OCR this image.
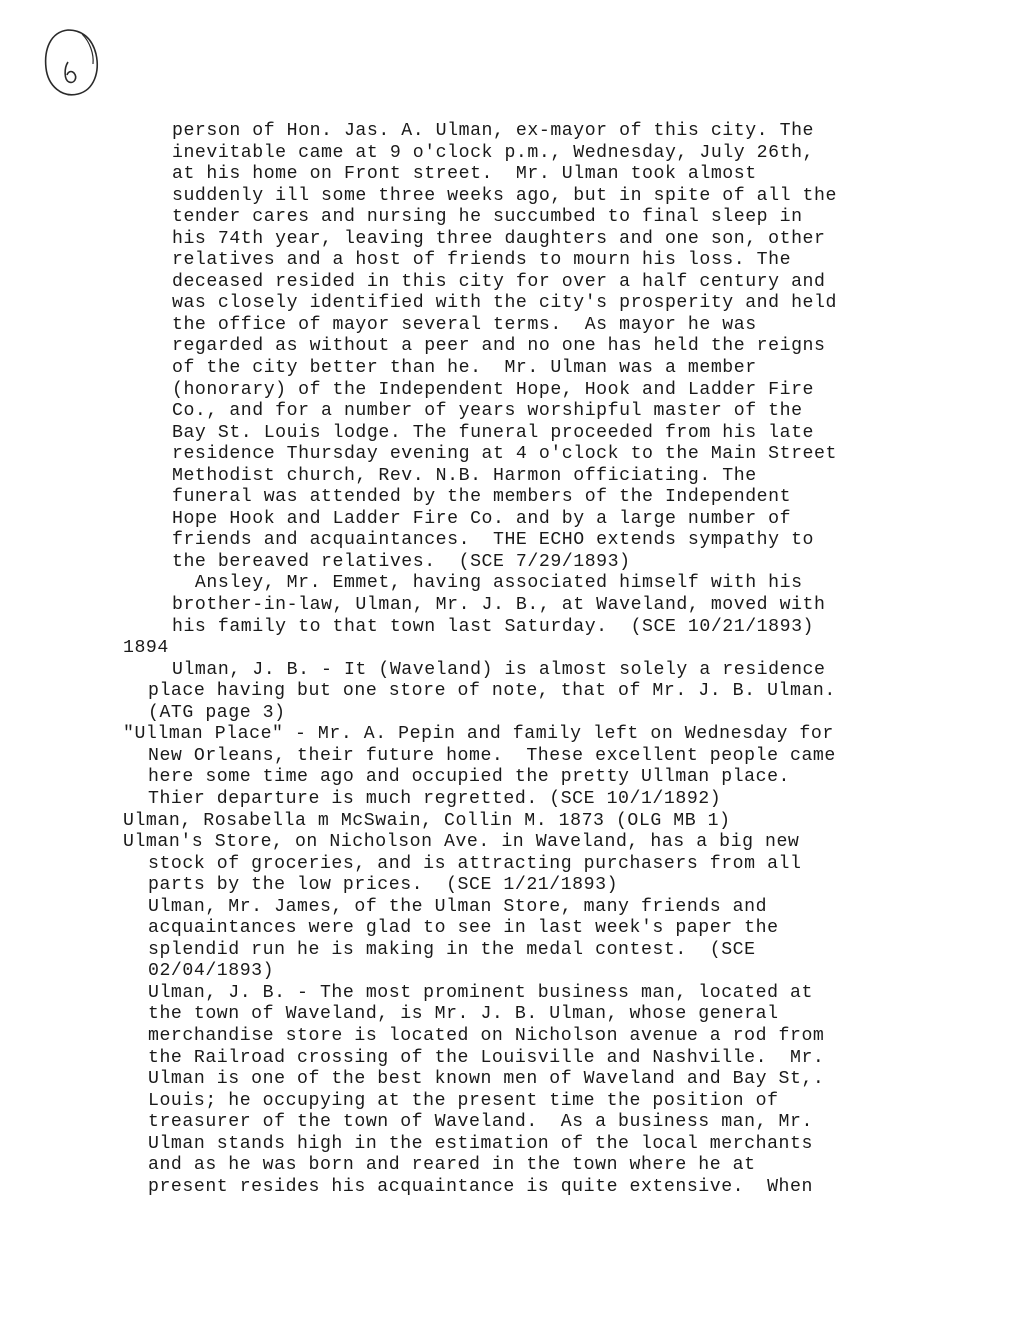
person of Hon. Jas. A. Ulman, ex-mayor of this city. The
inevitable came at 9 o'clock p.m., Wednesday, July 26th,
at his home on Front street.  Mr. Ulman took almost
suddenly ill some three weeks ago, but in spite of all the
tender cares and nursing he succumbed to final sleep in
his 74th year, leaving three daughters and one son, other
relatives and a host of friends to mourn his loss. The
deceased resided in this city for over a half century and
was closely identified with the city's prosperity and held
the office of mayor several terms.  As mayor he was
regarded as without a peer and no one has held the reigns
of the city better than he.  Mr. Ulman was a member
(honorary) of the Independent Hope, Hook and Ladder Fire
Co., and for a number of years worshipful master of the
Bay St. Louis lodge. The funeral proceeded from his late
residence Thursday evening at 4 o'clock to the Main Street
Methodist church, Rev. N.B. Harmon officiating. The
funeral was attended by the members of the Independent
Hope Hook and Ladder Fire Co. and by a large number of
friends and acquaintances.  THE ECHO extends sympathy to
the bereaved relatives.  (SCE 7/29/1893)
Ansley, Mr. Emmet, having associated himself with his
brother-in-law, Ulman, Mr. J. B., at Waveland, moved with
his family to that town last Saturday.  (SCE 10/21/1893)
1894
Ulman, J. B. - It (Waveland) is almost solely a residence
place having but one store of note, that of Mr. J. B. Ulman.
(ATG page 3)
"Ullman Place" - Mr. A. Pepin and family left on Wednesday for
New Orleans, their future home.  These excellent people came
here some time ago and occupied the pretty Ullman place.
Thier departure is much regretted. (SCE 10/1/1892)
Ulman, Rosabella m McSwain, Collin M. 1873 (OLG MB 1)
Ulman's Store, on Nicholson Ave. in Waveland, has a big new
stock of groceries, and is attracting purchasers from all
parts by the low prices.  (SCE 1/21/1893)
Ulman, Mr. James, of the Ulman Store, many friends and
acquaintances were glad to see in last week's paper the
splendid run he is making in the medal contest.  (SCE
02/04/1893)
Ulman, J. B. - The most prominent business man, located at
the town of Waveland, is Mr. J. B. Ulman, whose general
merchandise store is located on Nicholson avenue a rod from
the Railroad crossing of the Louisville and Nashville.  Mr.
Ulman is one of the best known men of Waveland and Bay St,.
Louis; he occupying at the present time the position of
treasurer of the town of Waveland.  As a business man, Mr.
Ulman stands high in the estimation of the local merchants
and as he was born and reared in the town where he at
present resides his acquaintance is quite extensive.  When
